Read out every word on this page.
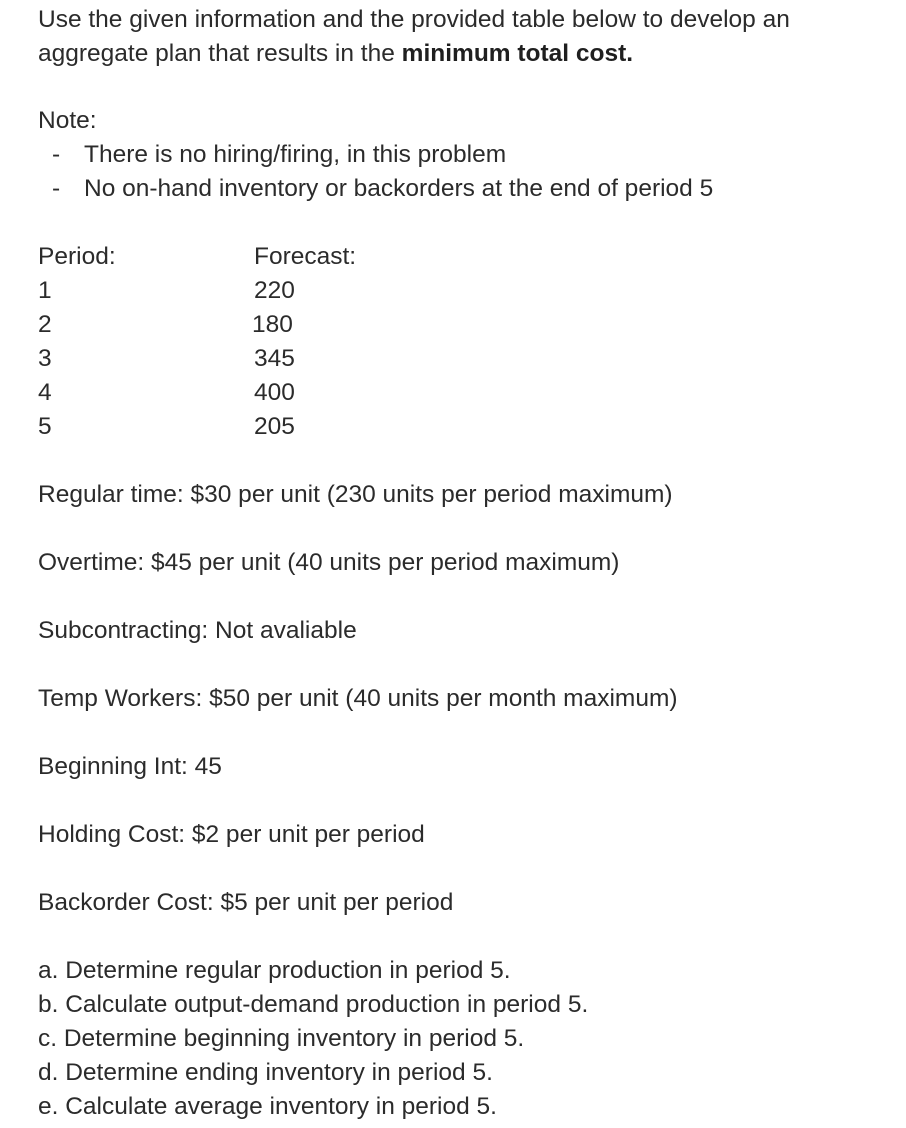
Use the given information and the provided table below to develop an
aggregate plan that results in the minimum total cost.
Note:
- There is no hiring/firing, in this problem
- No on-hand inventory or backorders at the end of period 5
Period:	Forecast:
1	220
2	180
3	345
4	400
5	205
Regular time: $30 per unit (230 units per period maximum)
Overtime: $45 per unit (40 units per period maximum)
Subcontracting: Not avaliable
Temp Workers: $50 per unit (40 units per month maximum)
Beginning Int: 45
Holding Cost: $2 per unit per period
Backorder Cost: $5 per unit per period
a. Determine regular production in period 5.
b. Calculate output-demand production in period 5.
c. Determine beginning inventory in period 5.
d. Determine ending inventory in period 5.
e. Calculate average inventory in period 5.
